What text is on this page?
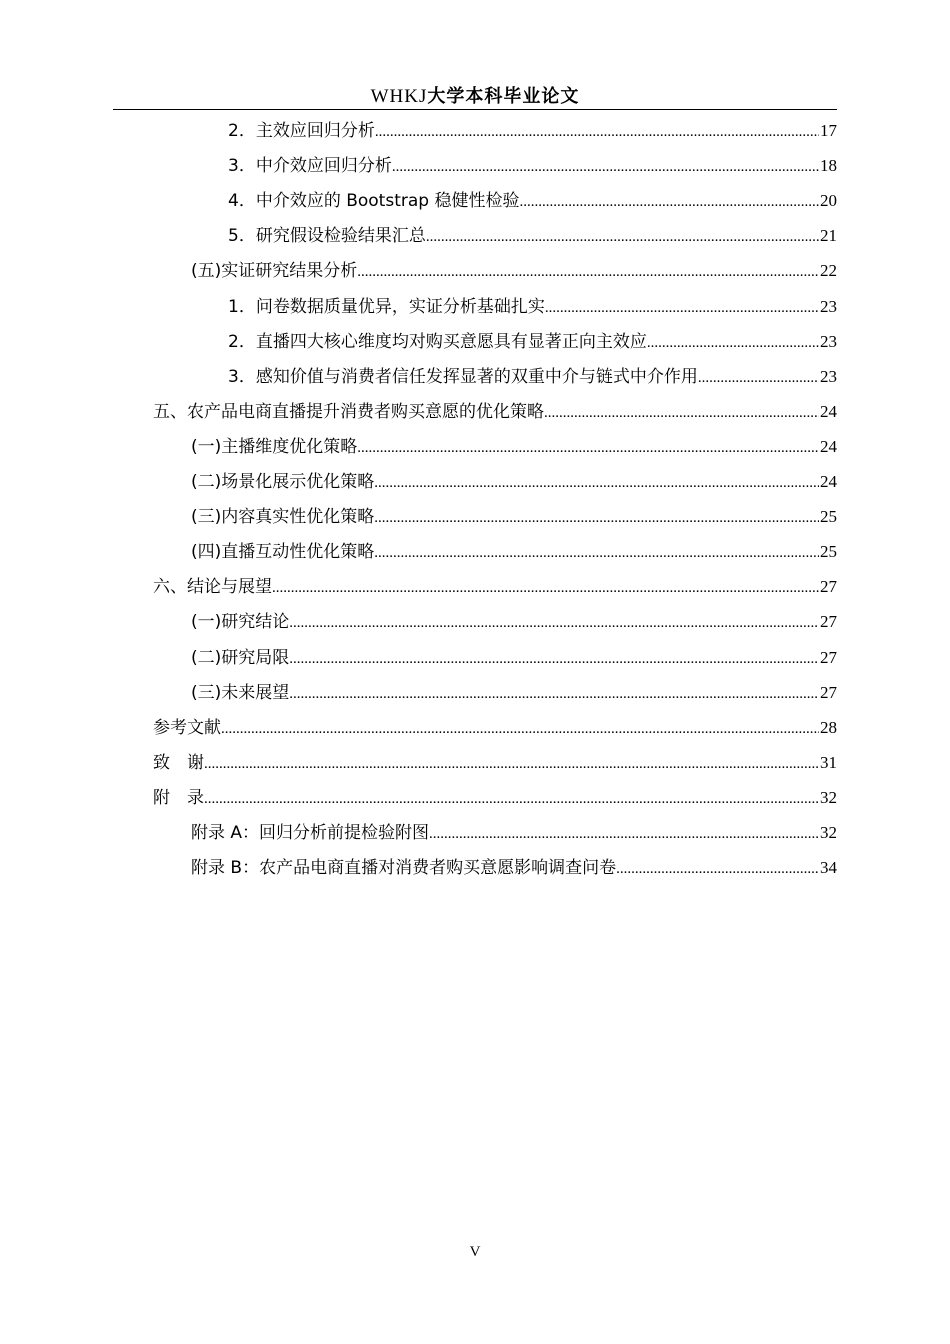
WHKJ大学本科毕业论文
2．主效应回归分析 .....	17
3．中介效应回归分析 .....	18
4．中介效应的 Bootstrap 稳健性检验 .....	20
5．研究假设检验结果汇总 .....	21
(五)实证研究结果分析 .....	22
1．问卷数据质量优异，实证分析基础扎实 .....	23
2．直播四大核心维度均对购买意愿具有显著正向主效应 .....	23
3．感知价值与消费者信任发挥显著的双重中介与链式中介作用 .....	23
五、农产品电商直播提升消费者购买意愿的优化策略 .....	24
(一)主播维度优化策略 .....	24
(二)场景化展示优化策略 .....	24
(三)内容真实性优化策略 .....	25
(四)直播互动性优化策略 .....	25
六、结论与展望 .....	27
(一)研究结论 .....	27
(二)研究局限 .....	27
(三)未来展望 .....	27
参考文献 .....	28
致　谢 .....	31
附　录 .....	32
附录 A：回归分析前提检验附图 .....	32
附录 B：农产品电商直播对消费者购买意愿影响调查问卷 .....	34
V
